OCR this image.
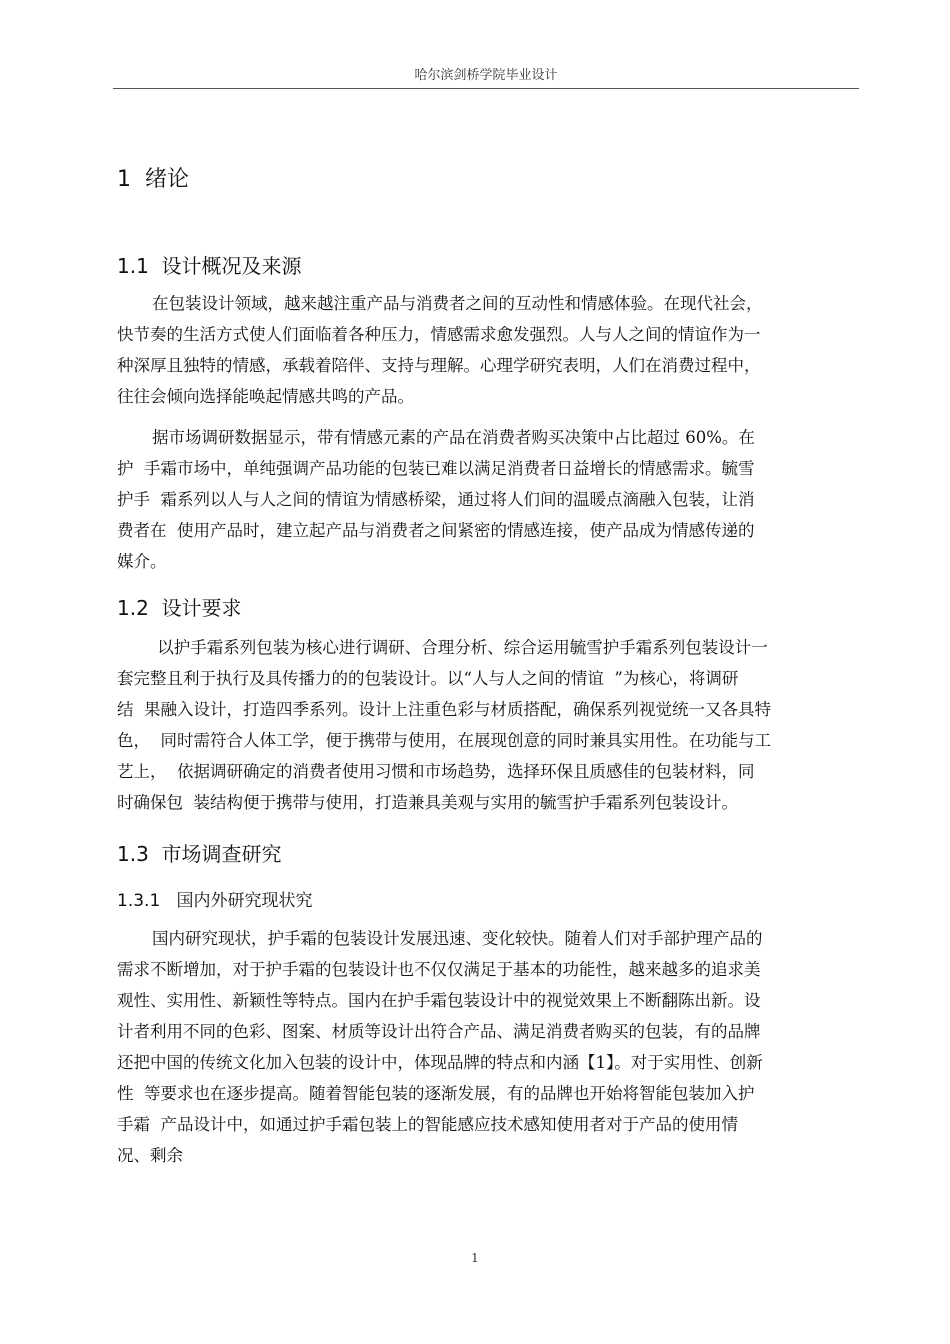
哈尔滨剑桥学院毕业设计
1  绪论
1.1  设计概况及来源
在包装设计领域，越来越注重产品与消费者之间的互动性和情感体验。在现代社会，
快节奏的生活方式使人们面临着各种压力，情感需求愈发强烈。人与人之间的情谊作为一
种深厚且独特的情感，承载着陪伴、支持与理解。心理学研究表明，人们在消费过程中，
往往会倾向选择能唤起情感共鸣的产品。
据市场调研数据显示，带有情感元素的产品在消费者购买决策中占比超过 60%。在
护  手霜市场中，单纯强调产品功能的包装已难以满足消费者日益增长的情感需求。毓雪
护手  霜系列以人与人之间的情谊为情感桥梁，通过将人们间的温暖点滴融入包装，让消
费者在  使用产品时，建立起产品与消费者之间紧密的情感连接，使产品成为情感传递的
媒介。
1.2  设计要求
以护手霜系列包装为核心进行调研、合理分析、综合运用毓雪护手霜系列包装设计一
套完整且利于执行及具传播力的的包装设计。以“人与人之间的情谊  ”为核心，将调研
结  果融入设计，打造四季系列。设计上注重色彩与材质搭配，确保系列视觉统一又各具特
色，  同时需符合人体工学，便于携带与使用，在展现创意的同时兼具实用性。在功能与工
艺上，  依据调研确定的消费者使用习惯和市场趋势，选择环保且质感佳的包装材料，同
时确保包  装结构便于携带与使用，打造兼具美观与实用的毓雪护手霜系列包装设计。
1.3  市场调查研究
1.3.1   国内外研究现状究
国内研究现状，护手霜的包装设计发展迅速、变化较快。随着人们对手部护理产品的
需求不断增加，对于护手霜的包装设计也不仅仅满足于基本的功能性，越来越多的追求美
观性、实用性、新颖性等特点。国内在护手霜包装设计中的视觉效果上不断翻陈出新。设
计者利用不同的色彩、图案、材质等设计出符合产品、满足消费者购买的包装，有的品牌
还把中国的传统文化加入包装的设计中，体现品牌的特点和内涵【1】。对于实用性、创新
性  等要求也在逐步提高。随着智能包装的逐渐发展，有的品牌也开始将智能包装加入护
手霜  产品设计中，如通过护手霜包装上的智能感应技术感知使用者对于产品的使用情
况、剩余
1
